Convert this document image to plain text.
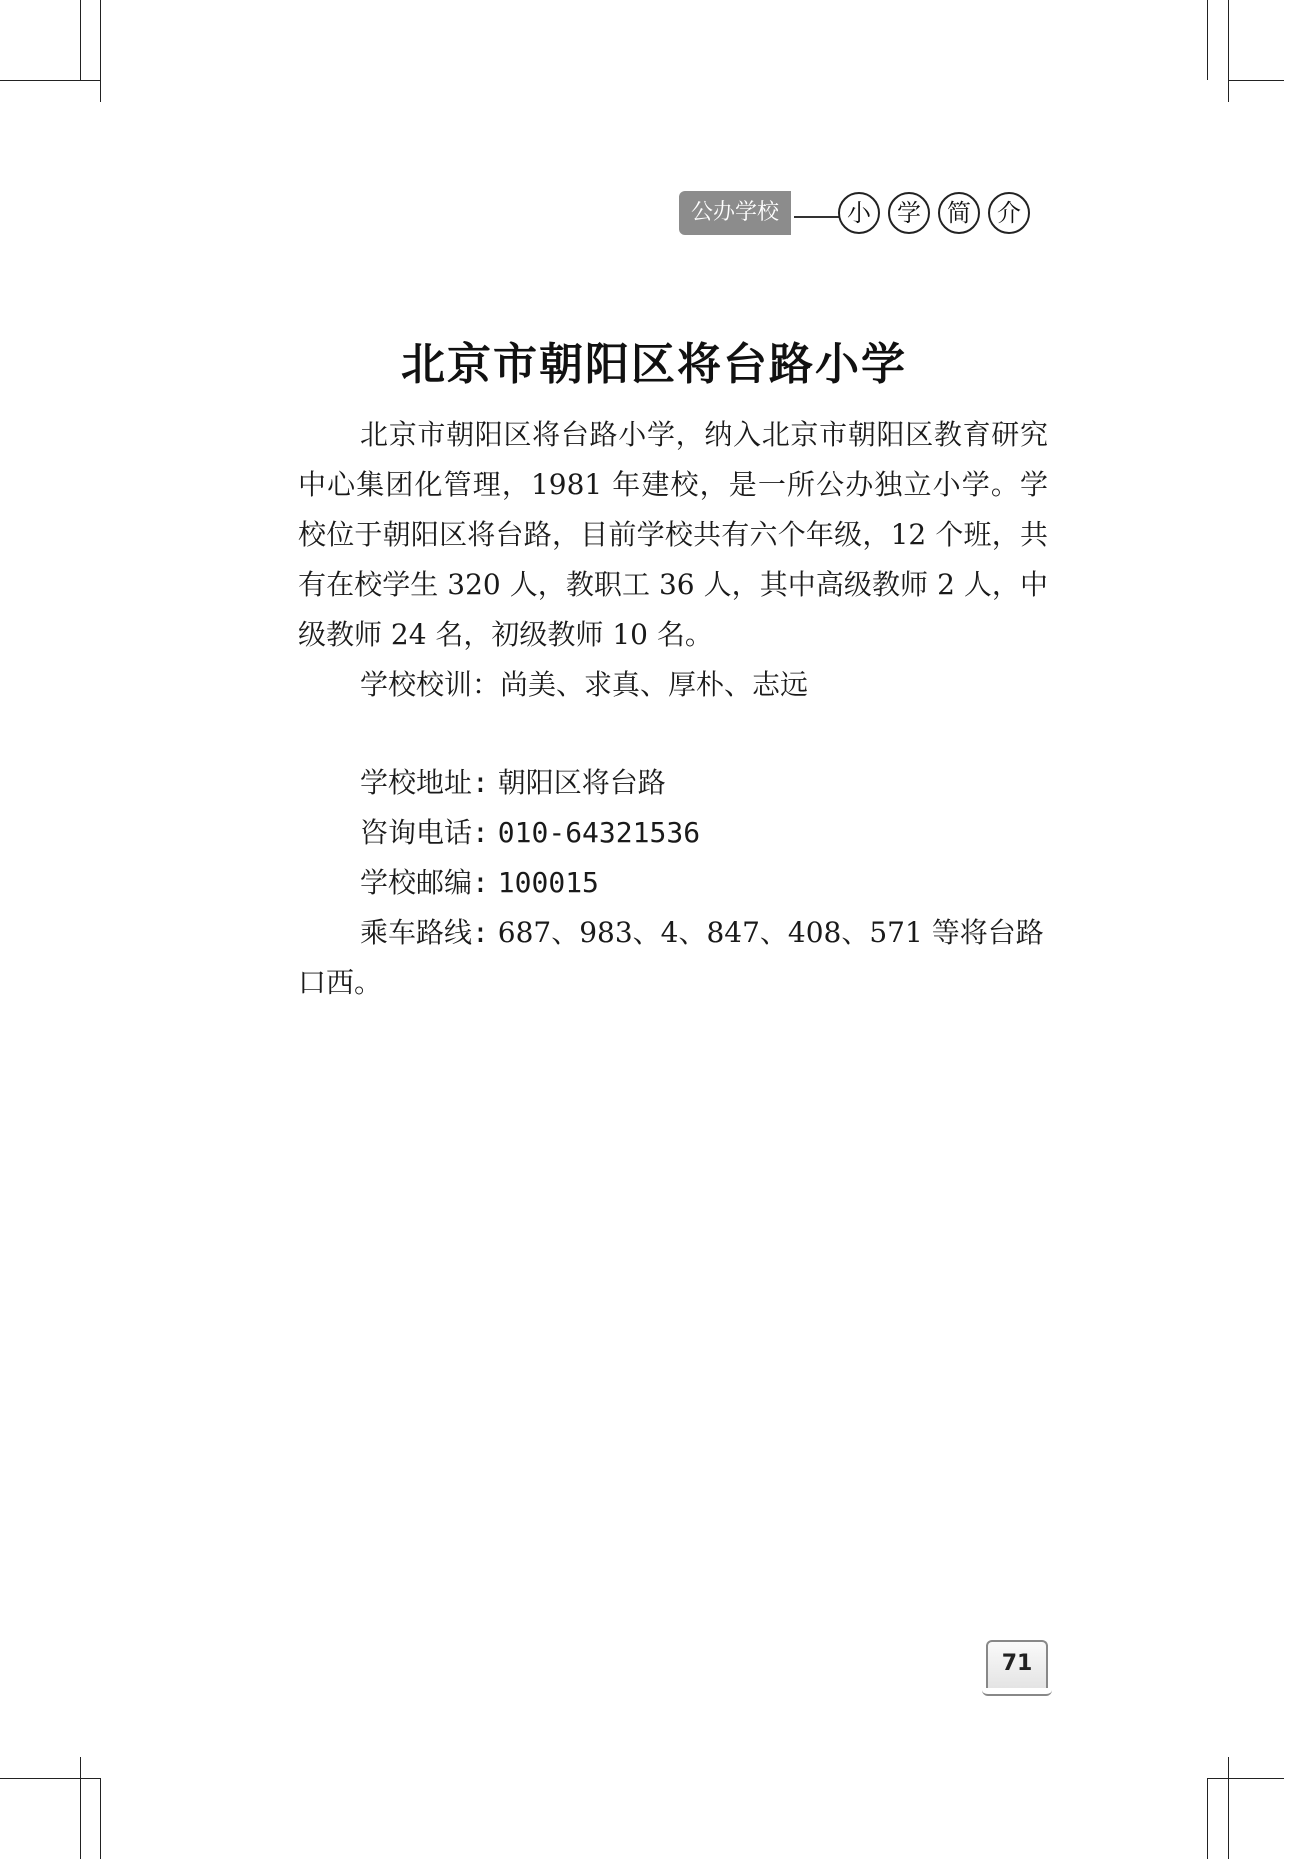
公办学校	小	学	简	介
北京市朝阳区将台路小学

北京市朝阳区将台路小学，纳入北京市朝阳区教育研究中心集团化管理，1981 年建校，是一所公办独立小学。学校位于朝阳区将台路，目前学校共有六个年级，12 个班，共有在校学生 320 人，教职工 36 人，其中高级教师 2 人，中级教师 24 名，初级教师 10 名。

学校校训：尚美、求真、厚朴、志远

学校地址: 朝阳区将台路

咨询电话: 010-64321536

学校邮编: 100015

乘车路线: 687、983、4、847、408、571 等将台路口西。

71
